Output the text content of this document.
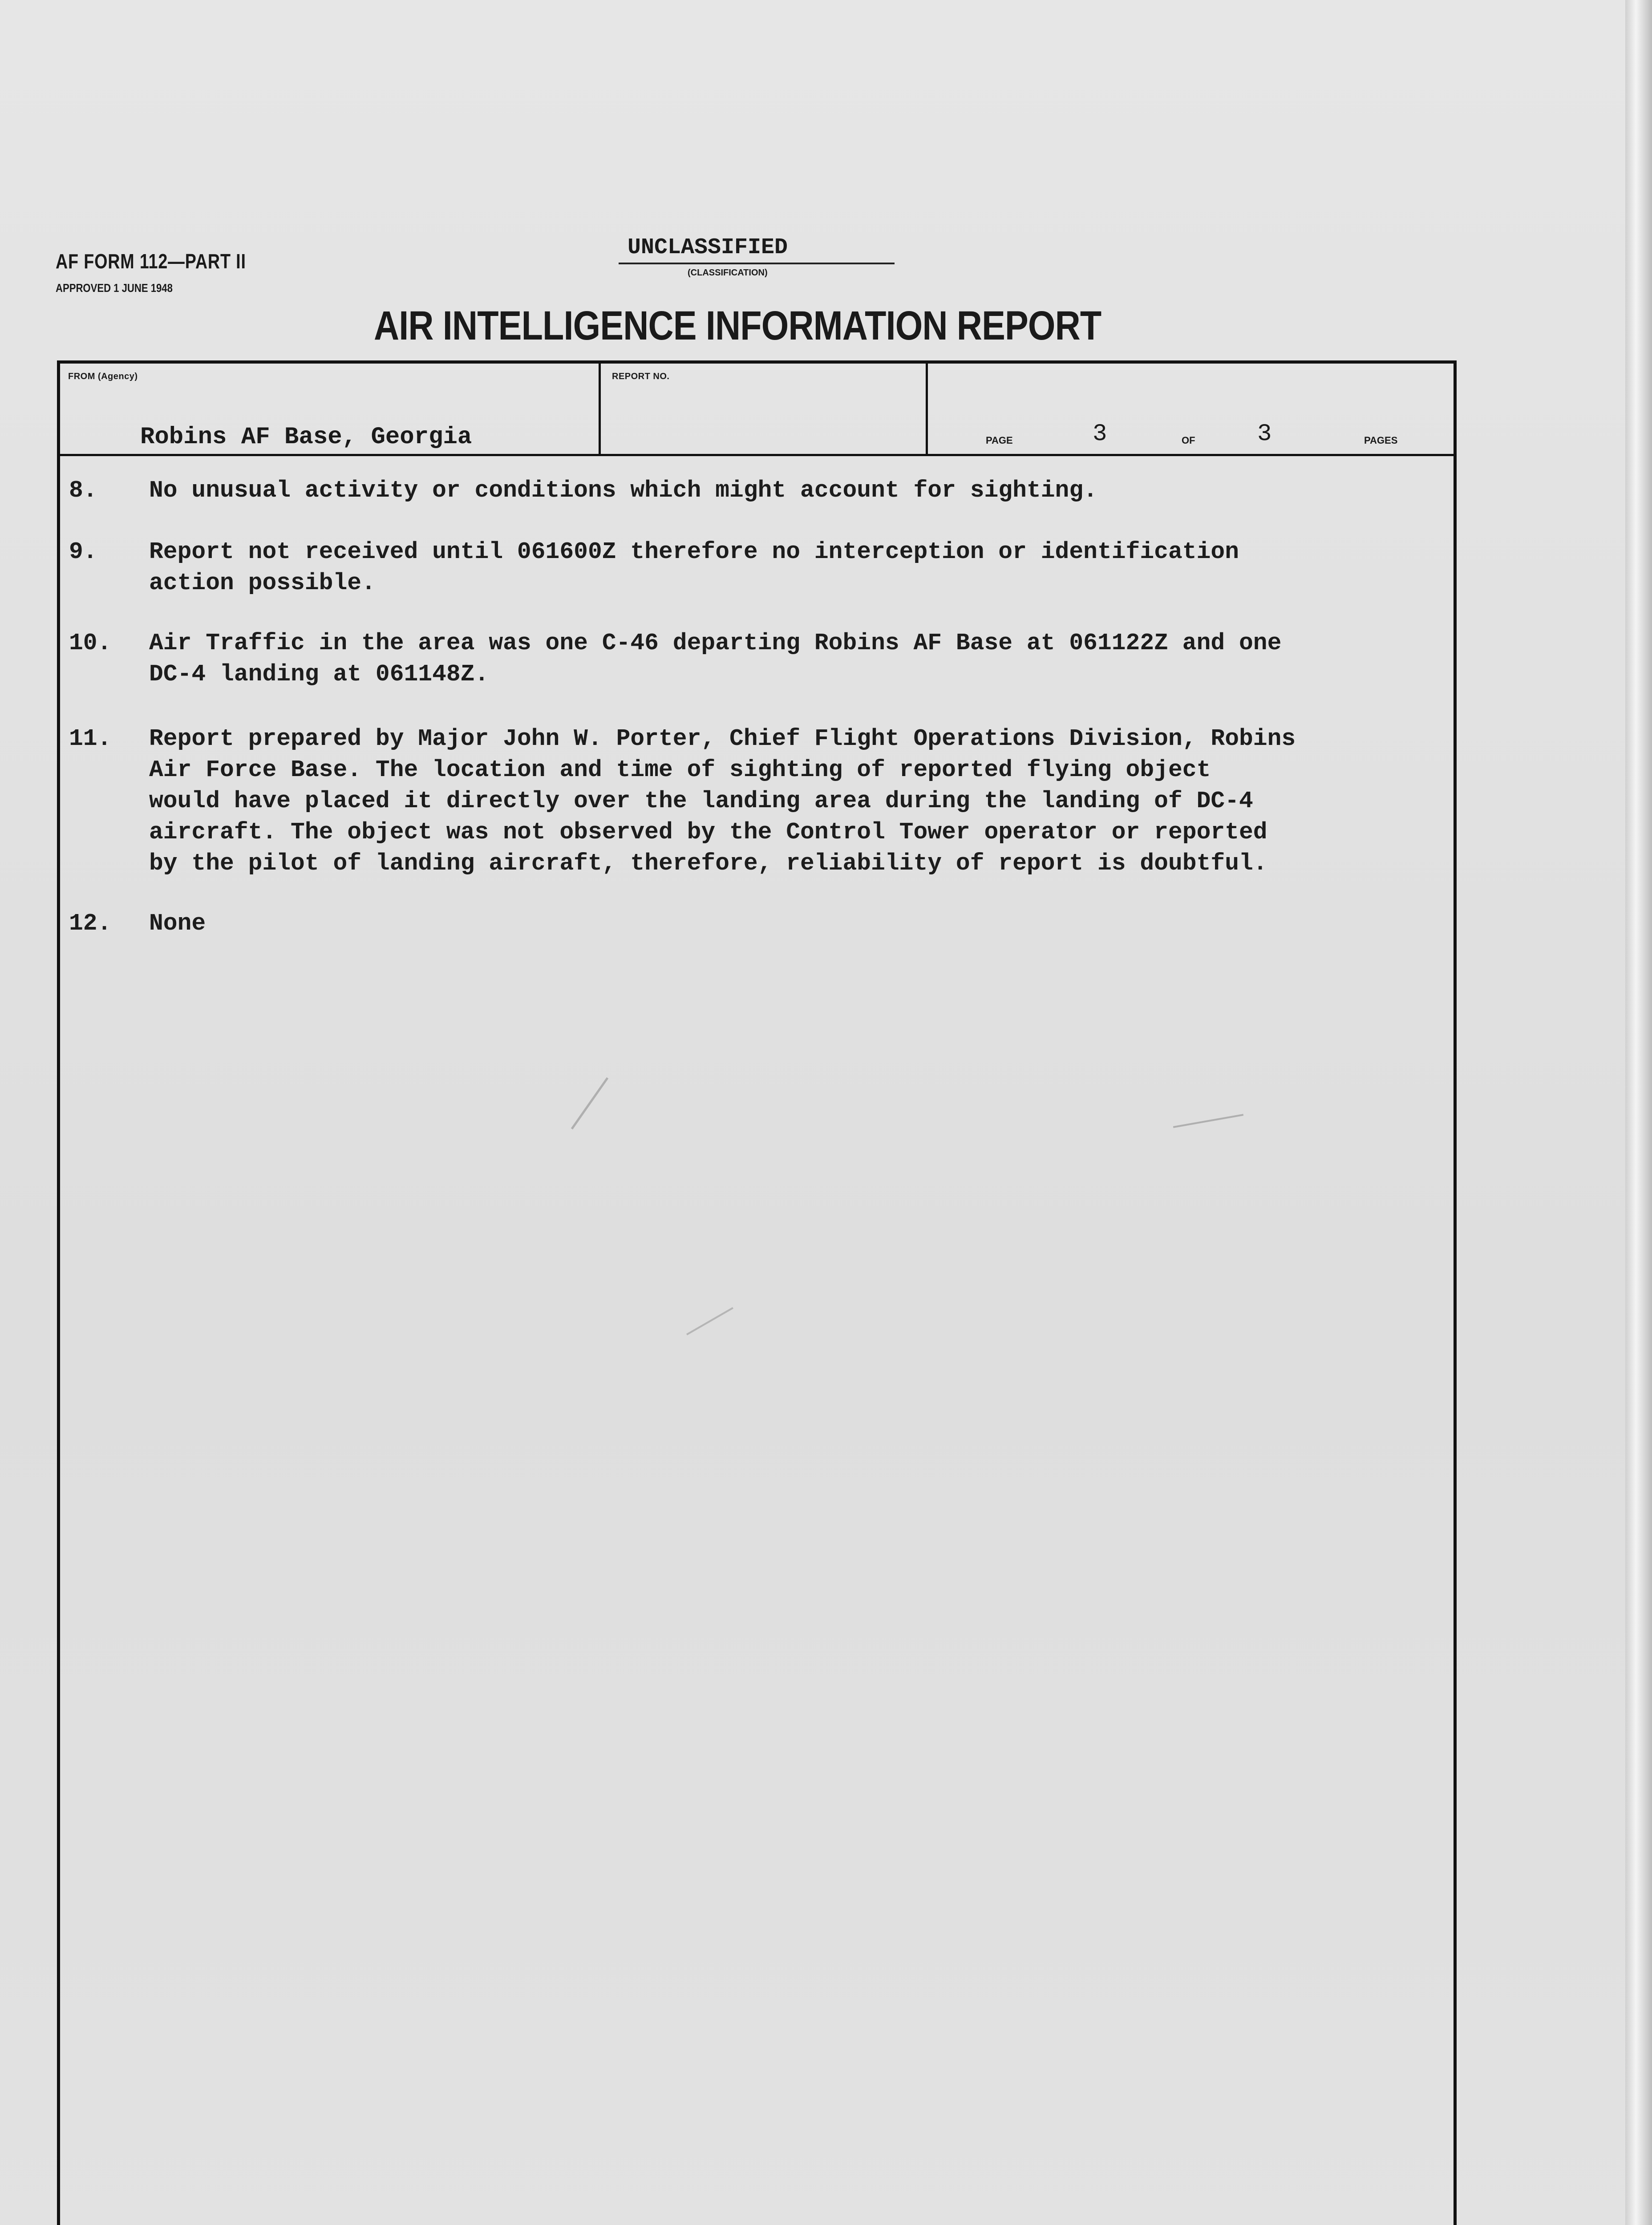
AF FORM 112—PART II
APPROVED 1 JUNE 1948
UNCLASSIFIED
(CLASSIFICATION)
AIR INTELLIGENCE INFORMATION REPORT
FROM (Agency)
Robins AF Base, Georgia
REPORT NO.
PAGE	3	OF	3	PAGES
8. No unusual activity or conditions which might account for sighting.
9. Report not received until 061600Z therefore no interception or identification
action possible.
10. Air Traffic in the area was one C-46 departing Robins AF Base at 061122Z and one
DC-4 landing at 061148Z.
11. Report prepared by Major John W. Porter, Chief Flight Operations Division, Robins
Air Force Base. The location and time of sighting of reported flying object
would have placed it directly over the landing area during the landing of DC-4
aircraft. The object was not observed by the Control Tower operator or reported
by the pilot of landing aircraft, therefore, reliability of report is doubtful.
12. None
